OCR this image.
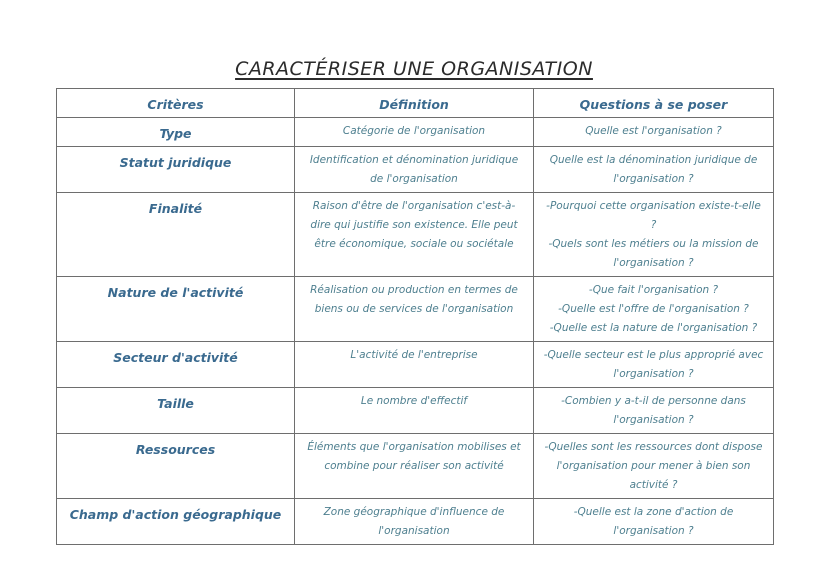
CARACTÉRISER UNE ORGANISATION
Critères	Définition	Questions à se poser
Type	Catégorie de l'organisation	Quelle est l'organisation ?

Statut juridique	Identification et dénomination juridique de l'organisation	Quelle est la dénomination juridique de l'organisation ?

Finalité	Raison d'être de l'organisation c'est-à-dire qui justifie son existence. Elle peut être économique, sociale ou sociétale	-Pourquoi cette organisation existe-t-elle ?
-Quels sont les métiers ou la mission de l'organisation ?

Nature de l'activité	Réalisation ou production en termes de biens ou de services de l'organisation	-Que fait l'organisation ?
-Quelle est l'offre de l'organisation ?
-Quelle est la nature de l'organisation ?

Secteur d'activité	L'activité de l'entreprise	-Quelle secteur est le plus approprié avec l'organisation ?

Taille	Le nombre d'effectif	-Combien y a-t-il de personne dans l'organisation ?

Ressources	Éléments que l'organisation mobilises et combine pour réaliser son activité	-Quelles sont les ressources dont dispose l'organisation pour mener à bien son activité ?

Champ d'action géographique	Zone géographique d'influence de l'organisation	-Quelle est la zone d'action de l'organisation ?
